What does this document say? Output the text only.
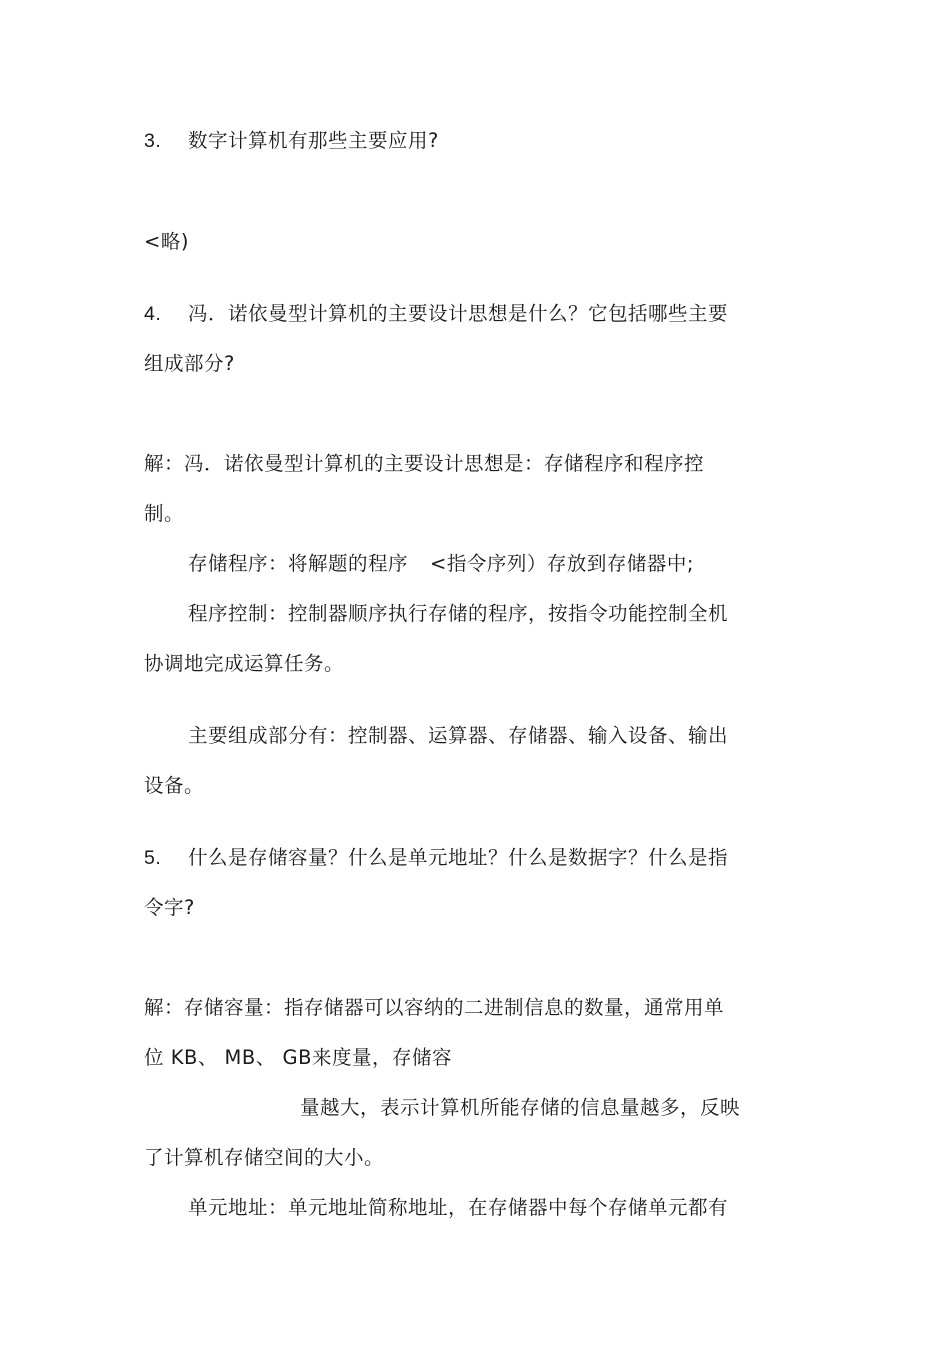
3. 数字计算机有那些主要应用?
<略)
4. 冯．诺依曼型计算机的主要设计思想是什么？它包括哪些主要
组成部分?
解：冯．诺依曼型计算机的主要设计思想是：存储程序和程序控
制。
存储程序：将解题的程序 <指令序列）存放到存储器中;
程序控制：控制器顺序执行存储的程序，按指令功能控制全机
协调地完成运算任务。
主要组成部分有：控制器、运算器、存储器、输入设备、输出
设备。
5. 什么是存储容量？什么是单元地址？什么是数据字？什么是指
令字?
解：存储容量：指存储器可以容纳的二进制信息的数量，通常用单
位 KB、 MB、 GB来度量，存储容
量越大，表示计算机所能存储的信息量越多，反映
了计算机存储空间的大小。
单元地址：单元地址简称地址，在存储器中每个存储单元都有
